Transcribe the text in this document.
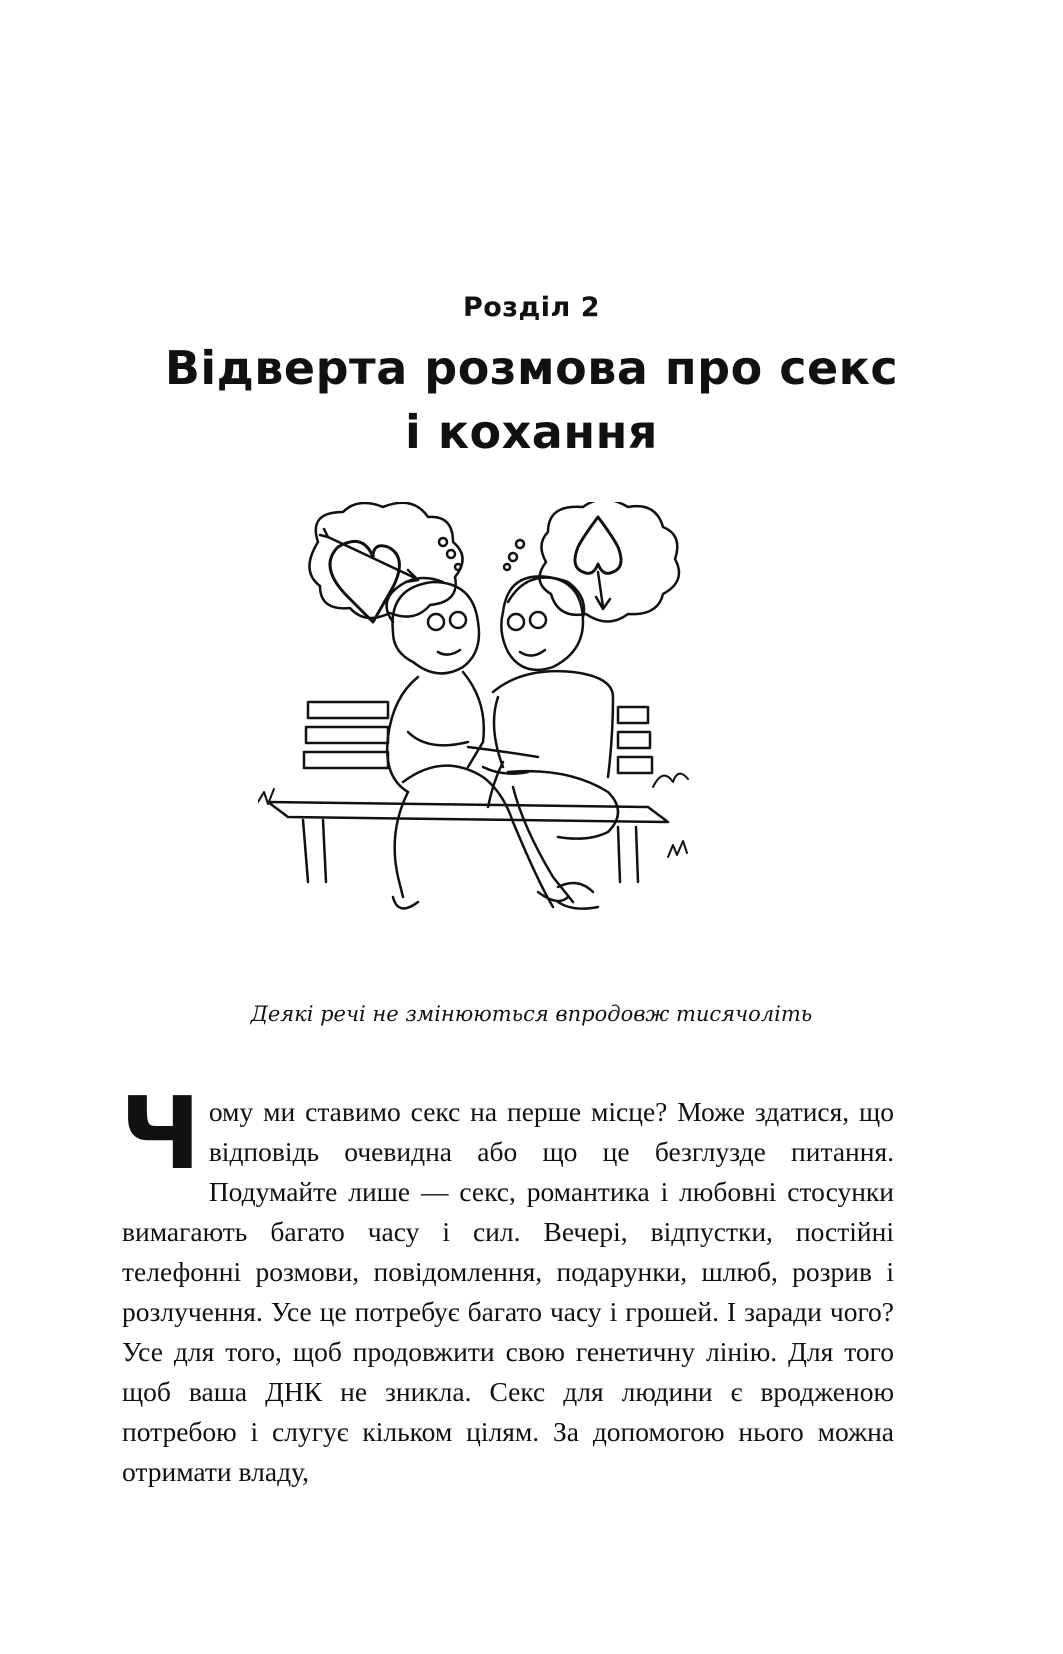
Розділ 2
Відверта розмова про секс
і кохання
Деякі речі не змінюються впродовж тисячоліть
Ч ому ми ставимо секс на перше місце? Може здатися, що відповідь очевидна або що це безглузде питання. Подумайте лише — секс, романтика і любовні стосунки вимагають багато часу і сил. Вечері, відпустки, постійні телефонні розмови, повідомлення, подарунки, шлюб, розрив і розлучення. Усе це потребує багато часу і грошей. І заради чого? Усе для того, щоб продовжити свою генетичну лінію. Для того щоб ваша ДНК не зникла. Секс для людини є вродженою потребою і слугує кільком цілям. За допомогою нього можна отримати владу,
